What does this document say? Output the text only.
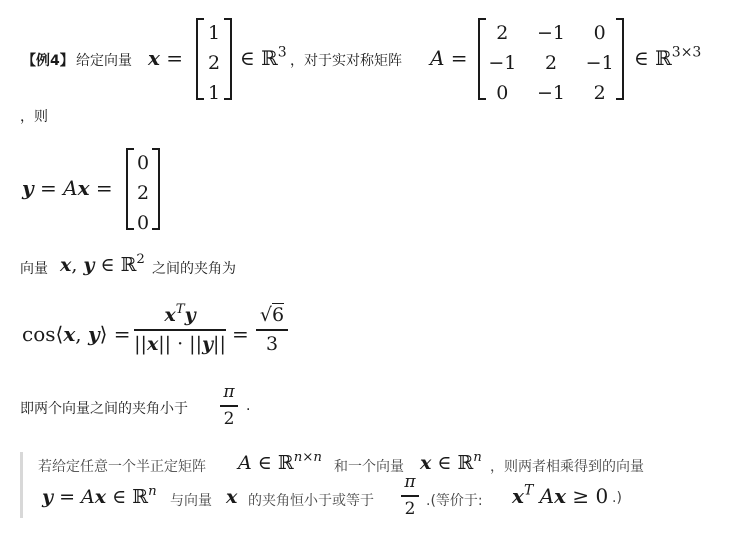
【例4】 给定向量 x =
1
2
1
∈ ℝ$^3$
，对于实对称矩阵 A =
2	−1	0
−1	2	−1
0	−1	2
∈ ℝ$^{3\times 3}$
，则
y = Ax =
0
2
0
向量 x, y ∈ ℝ$^2$
之间的夹角为
cos⟨x, y⟩ =
$x^Ty$
||x|| · ||y|| =
√6
3
即两个向量之间的夹角小于
π
2
.
若给定任意一个半正定矩阵 A ∈ ℝ$^{n\times n}$
和一个向量 x ∈ ℝ$^n$
，则两者相乘得到的向量
y = Ax ∈ ℝ$^n$
与向量 x 的夹角恒小于或等于
π
2 .(等价于: $x^T$ Ax ≥ 0 .)
